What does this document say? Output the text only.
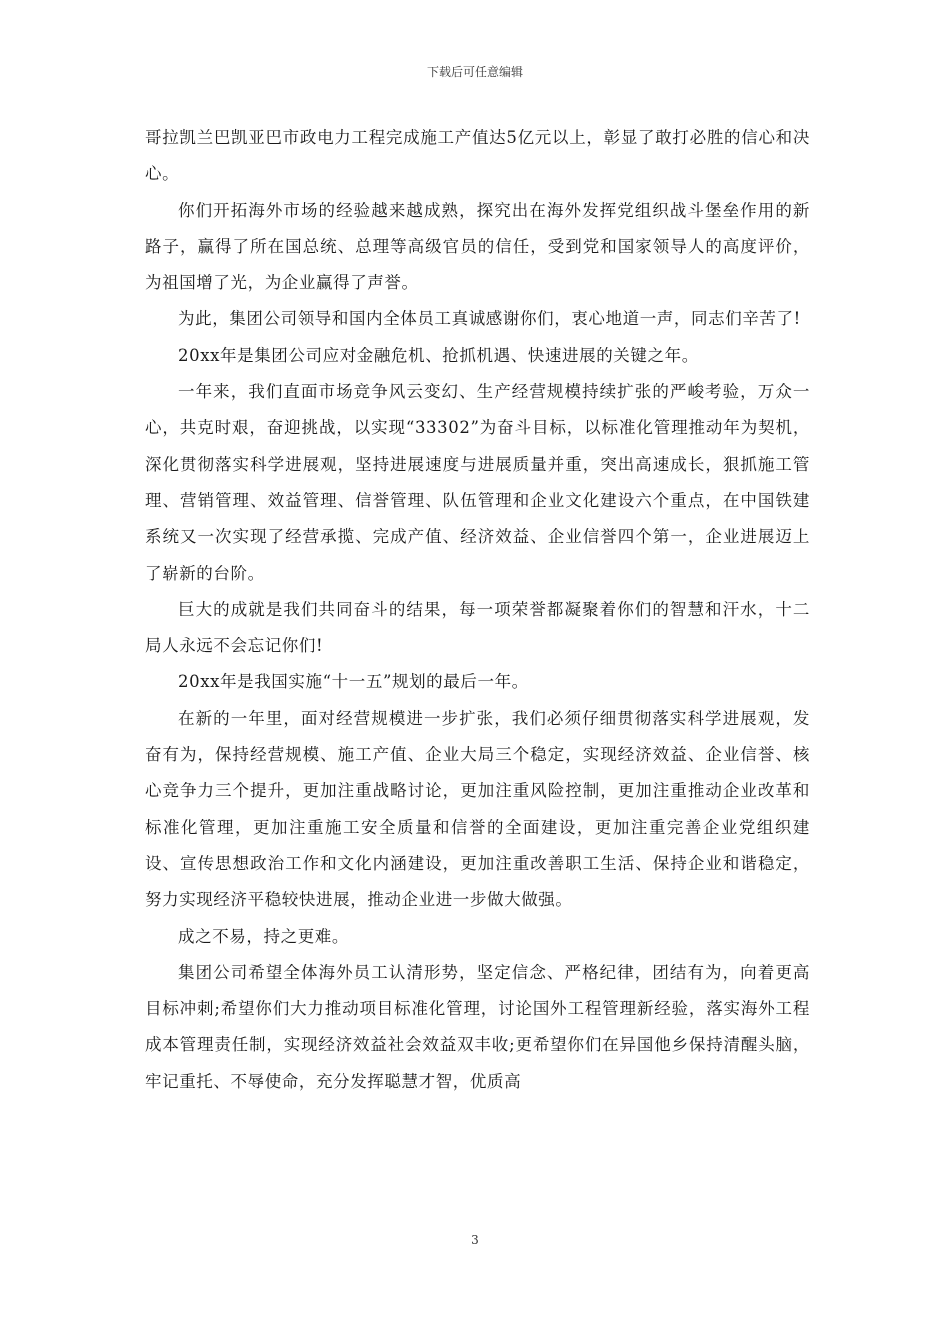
下载后可任意编辑

哥拉凯兰巴凯亚巴市政电力工程完成施工产值达5亿元以上，彰显了敢打必胜的信心和决心。

你们开拓海外市场的经验越来越成熟，探究出在海外发挥党组织战斗堡垒作用的新路子，赢得了所在国总统、总理等高级官员的信任，受到党和国家领导人的高度评价，为祖国增了光，为企业赢得了声誉。

为此，集团公司领导和国内全体员工真诚感谢你们，衷心地道一声，同志们辛苦了!

20xx年是集团公司应对金融危机、抢抓机遇、快速进展的关键之年。

一年来，我们直面市场竞争风云变幻、生产经营规模持续扩张的严峻考验，万众一心，共克时艰，奋迎挑战，以实现“33302”为奋斗目标，以标准化管理推动年为契机，深化贯彻落实科学进展观，坚持进展速度与进展质量并重，突出高速成长，狠抓施工管理、营销管理、效益管理、信誉管理、队伍管理和企业文化建设六个重点，在中国铁建系统又一次实现了经营承揽、完成产值、经济效益、企业信誉四个第一，企业进展迈上了崭新的台阶。

巨大的成就是我们共同奋斗的结果，每一项荣誉都凝聚着你们的智慧和汗水，十二局人永远不会忘记你们!

20xx年是我国实施“十一五”规划的最后一年。

在新的一年里，面对经营规模进一步扩张，我们必须仔细贯彻落实科学进展观，发奋有为，保持经营规模、施工产值、企业大局三个稳定，实现经济效益、企业信誉、核心竞争力三个提升，更加注重战略讨论，更加注重风险控制，更加注重推动企业改革和标准化管理，更加注重施工安全质量和信誉的全面建设，更加注重完善企业党组织建设、宣传思想政治工作和文化内涵建设，更加注重改善职工生活、保持企业和谐稳定，努力实现经济平稳较快进展，推动企业进一步做大做强。

成之不易，持之更难。

集团公司希望全体海外员工认清形势，坚定信念、严格纪律，团结有为，向着更高目标冲刺;希望你们大力推动项目标准化管理，讨论国外工程管理新经验，落实海外工程成本管理责任制，实现经济效益社会效益双丰收;更希望你们在异国他乡保持清醒头脑，牢记重托、不辱使命，充分发挥聪慧才智，优质高

3
